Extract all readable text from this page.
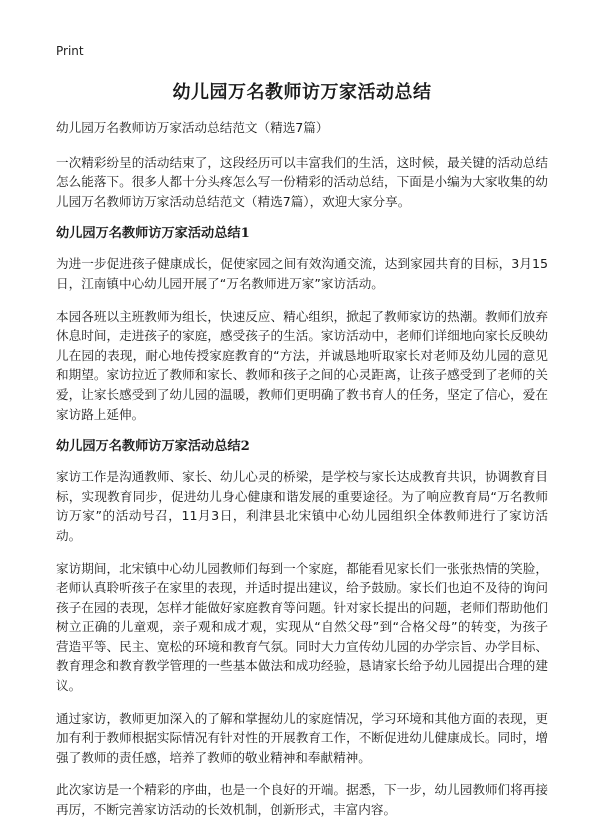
Print
幼儿园万名教师访万家活动总结

幼儿园万名教师访万家活动总结范文（精选7篇）

一次精彩纷呈的活动结束了，这段经历可以丰富我们的生活，这时候，最关键的活动总结怎么能落下。很多人都十分头疼怎么写一份精彩的活动总结，下面是小编为大家收集的幼儿园万名教师访万家活动总结范文（精选7篇），欢迎大家分享。

幼儿园万名教师访万家活动总结1

为进一步促进孩子健康成长，促使家园之间有效沟通交流，达到家园共育的目标，3月15日，江南镇中心幼儿园开展了“万名教师进万家”家访活动。

本园各班以主班教师为组长，快速反应、精心组织，掀起了教师家访的热潮。教师们放弃休息时间，走进孩子的家庭，感受孩子的生活。家访活动中，老师们详细地向家长反映幼儿在园的表现，耐心地传授家庭教育的“方法，并诚恳地听取家长对老师及幼儿园的意见和期望。家访拉近了教师和家长、教师和孩子之间的心灵距离，让孩子感受到了老师的关爱，让家长感受到了幼儿园的温暖，教师们更明确了教书育人的任务，坚定了信心，爱在家访路上延伸。

幼儿园万名教师访万家活动总结2

家访工作是沟通教师、家长、幼儿心灵的桥梁，是学校与家长达成教育共识，协调教育目标，实现教育同步，促进幼儿身心健康和谐发展的重要途径。为了响应教育局“万名教师访万家”的活动号召，11月3日，利津县北宋镇中心幼儿园组织全体教师进行了家访活动。

家访期间，北宋镇中心幼儿园教师们每到一个家庭，都能看见家长们一张张热情的笑脸，老师认真聆听孩子在家里的表现，并适时提出建议，给予鼓励。家长们也迫不及待的询问孩子在园的表现，怎样才能做好家庭教育等问题。针对家长提出的问题，老师们帮助他们树立正确的儿童观，亲子观和成才观，实现从“自然父母”到“合格父母”的转变，为孩子营造平等、民主、宽松的环境和教育气氛。同时大力宣传幼儿园的办学宗旨、办学目标、教育理念和教育教学管理的一些基本做法和成功经验，恳请家长给予幼儿园提出合理的建议。

通过家访，教师更加深入的了解和掌握幼儿的家庭情况，学习环境和其他方面的表现，更加有利于教师根据实际情况有针对性的开展教育工作，不断促进幼儿健康成长。同时，增强了教师的责任感，培养了教师的敬业精神和奉献精神。

此次家访是一个精彩的序曲，也是一个良好的开端。据悉，下一步，幼儿园教师们将再接再厉，不断完善家访活动的长效机制，创新形式，丰富内容。
